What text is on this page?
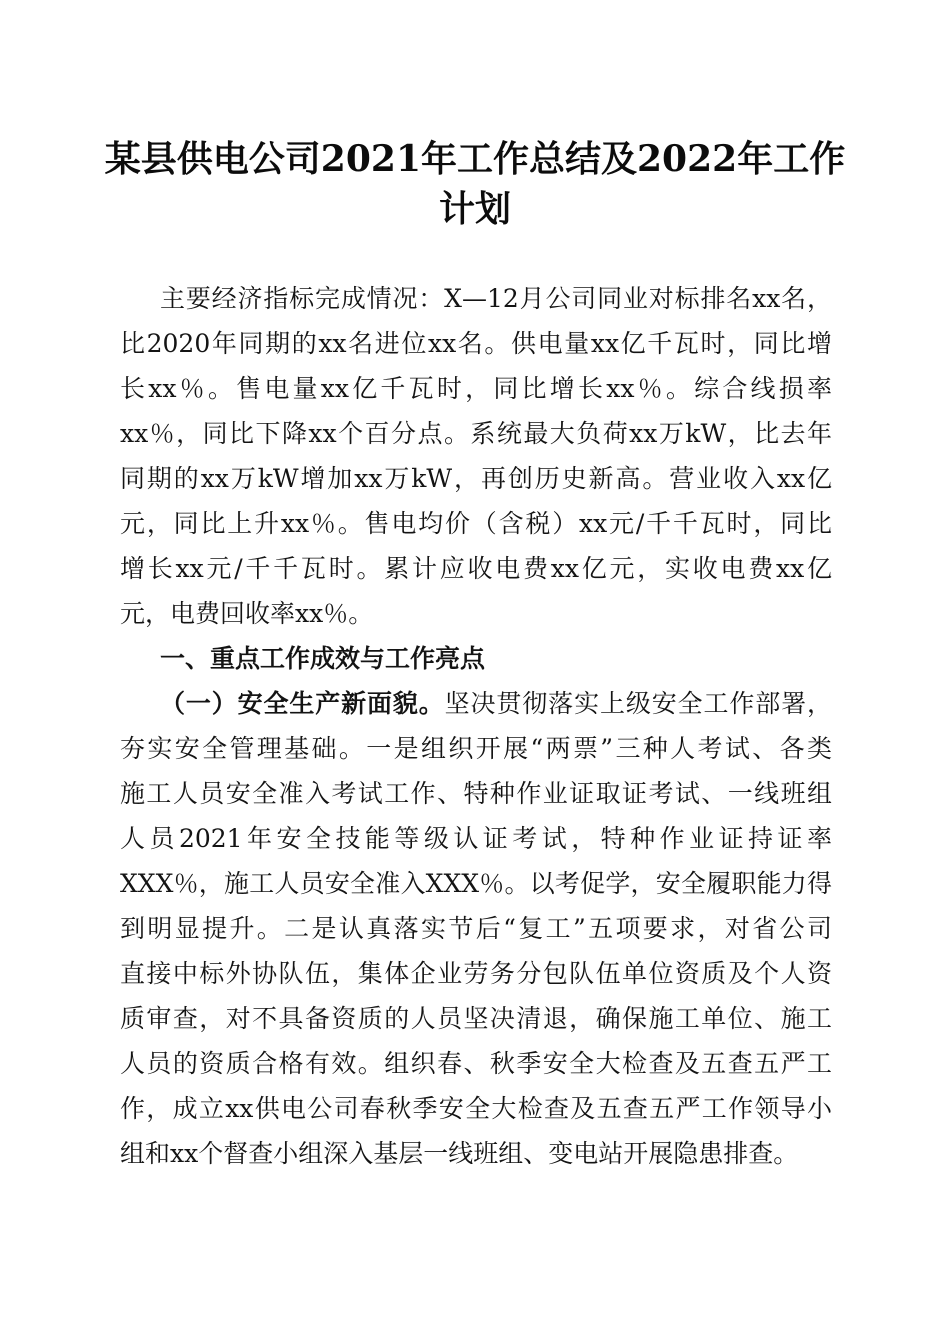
某县供电公司2021年工作总结及2022年工作
计划
主要经济指标完成情况：X—12月公司同业对标排名xx名，
比2020年同期的xx名进位xx名。供电量xx亿千瓦时，同比增
长xx％。售电量xx亿千瓦时，同比增长xx％。综合线损率
xx％，同比下降xx个百分点。系统最大负荷xx万kW，比去年
同期的xx万kW增加xx万kW，再创历史新高。营业收入xx亿
元，同比上升xx％。售电均价（含税）xx元/千千瓦时，同比
增长xx元/千千瓦时。累计应收电费xx亿元，实收电费xx亿
元，电费回收率xx％。
一、重点工作成效与工作亮点
（一）安全生产新面貌。坚决贯彻落实上级安全工作部署，
夯实安全管理基础。一是组织开展“两票”三种人考试、各类
施工人员安全准入考试工作、特种作业证取证考试、一线班组
人员2021年安全技能等级认证考试，特种作业证持证率
XXX％，施工人员安全准入XXX％。以考促学，安全履职能力得
到明显提升。二是认真落实节后“复工”五项要求，对省公司
直接中标外协队伍，集体企业劳务分包队伍单位资质及个人资
质审查，对不具备资质的人员坚决清退，确保施工单位、施工
人员的资质合格有效。组织春、秋季安全大检查及五查五严工
作，成立xx供电公司春秋季安全大检查及五查五严工作领导小
组和xx个督查小组深入基层一线班组、变电站开展隐患排查。
